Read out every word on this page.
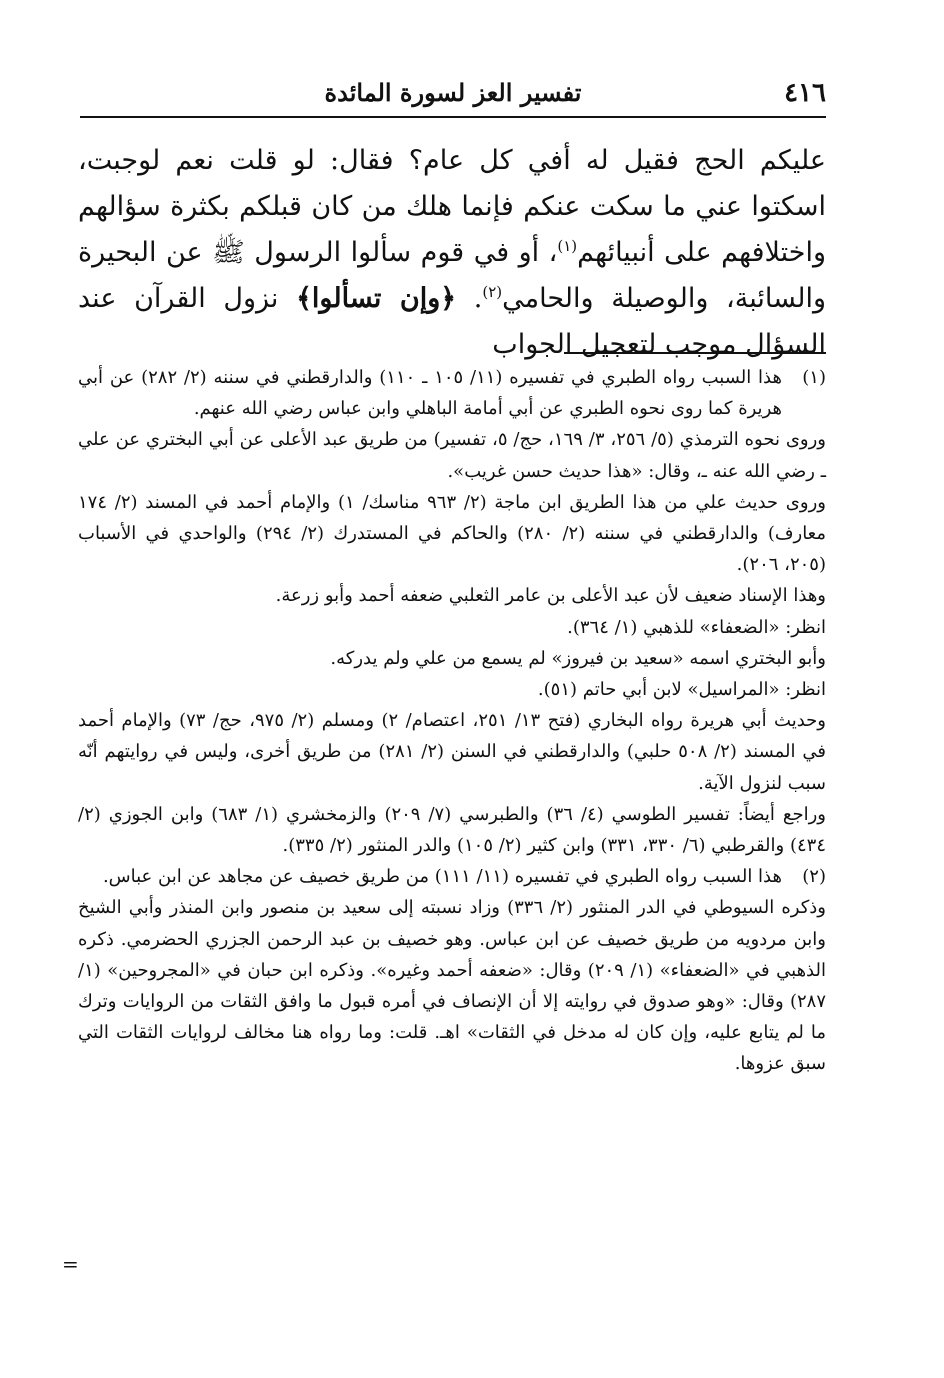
٤١٦
تفسير العز لسورة المائدة

عليكم الحج فقيل له أفي كل عام؟ فقال: لو قلت نعم لوجبت، اسكتوا عني ما سكت عنكم فإنما هلك من كان قبلكم بكثرة سؤالهم واختلافهم على أنبيائهم$^{(١)}$، أو في قوم سألوا الرسول ﷺ عن البحيرة والسائبة، والوصيلة والحامي$^{(٢)}$. ﴿وإن تسألوا﴾ نزول القرآن عند السؤال موجب لتعجيل الجواب

(١)

هذا السبب رواه الطبري في تفسيره (١١/ ١٠٥ ـ ١١٠) والدارقطني في سننه (٢/ ٢٨٢) عن أبي هريرة كما روى نحوه الطبري عن أبي أمامة الباهلي وابن عباس رضي الله عنهم.

وروى نحوه الترمذي (٥/ ٢٥٦، ٣/ ١٦٩، حج/ ٥، تفسير) من طريق عبد الأعلى عن أبي البختري عن علي ـ رضي الله عنه ـ، وقال: «هذا حديث حسن غريب».

وروى حديث علي من هذا الطريق ابن ماجة (٢/ ٩٦٣ مناسك/ ١) والإمام أحمد في المسند (٢/ ١٧٤ معارف) والدارقطني في سننه (٢/ ٢٨٠) والحاكم في المستدرك (٢/ ٢٩٤) والواحدي في الأسباب (٢٠٥، ٢٠٦).

وهذا الإسناد ضعيف لأن عبد الأعلى بن عامر الثعلبي ضعفه أحمد وأبو زرعة.

انظر: «الضعفاء» للذهبي (١/ ٣٦٤).

وأبو البختري اسمه «سعيد بن فيروز» لم يسمع من علي ولم يدركه.

انظر: «المراسيل» لابن أبي حاتم (٥١).

وحديث أبي هريرة رواه البخاري (فتح ١٣/ ٢٥١، اعتصام/ ٢) ومسلم (٢/ ٩٧٥، حج/ ٧٣) والإمام أحمد في المسند (٢/ ٥٠٨ حلبي) والدارقطني في السنن (٢/ ٢٨١) من طريق أخرى، وليس في روايتهم أنّه سبب لنزول الآية.

وراجع أيضاً: تفسير الطوسي (٤/ ٣٦) والطبرسي (٧/ ٢٠٩) والزمخشري (١/ ٦٨٣) وابن الجوزي (٢/ ٤٣٤) والقرطبي (٦/ ٣٣٠، ٣٣١) وابن كثير (٢/ ١٠٥) والدر المنثور (٢/ ٣٣٥).

(٢)

هذا السبب رواه الطبري في تفسيره (١١/ ١١١) من طريق خصيف عن مجاهد عن ابن عباس.

وذكره السيوطي في الدر المنثور (٢/ ٣٣٦) وزاد نسبته إلى سعيد بن منصور وابن المنذر وأبي الشيخ وابن مردويه من طريق خصيف عن ابن عباس. وهو خصيف بن عبد الرحمن الجزري الحضرمي. ذكره الذهبي في «الضعفاء» (١/ ٢٠٩) وقال: «ضعفه أحمد وغيره». وذكره ابن حبان في «المجروحين» (١/ ٢٨٧) وقال: «وهو صدوق في روايته إلا أن الإنصاف في أمره قبول ما وافق الثقات من الروايات وترك ما لم يتابع عليه، وإن كان له مدخل في الثقات» اهـ. قلت: وما رواه هنا مخالف لروايات الثقات التي سبق عزوها.

=
